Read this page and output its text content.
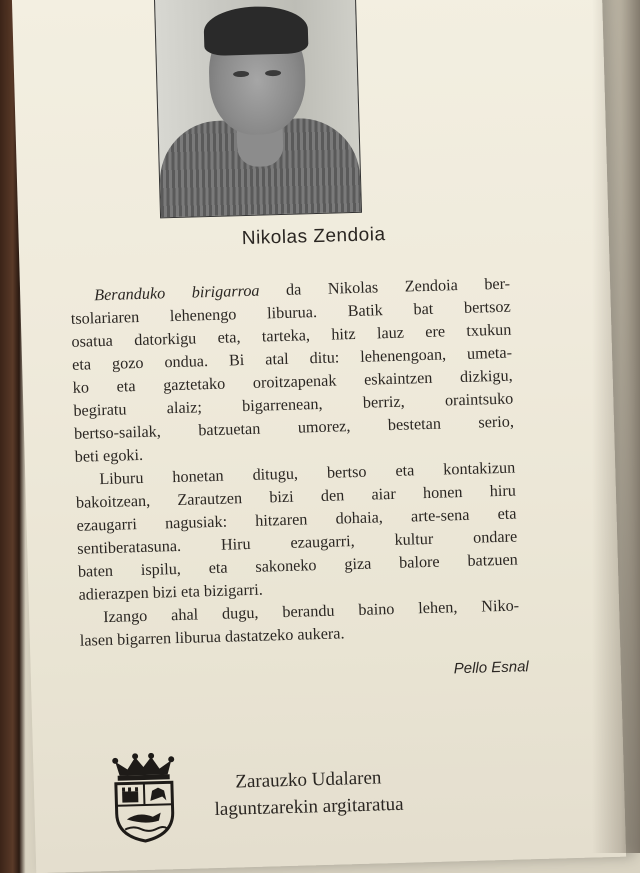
Nikolas Zendoia

Beranduko birigarroa da Nikolas Zendoia ber-
tsolariaren lehenengo liburua. Batik bat bertsoz
osatua datorkigu eta, tarteka, hitz lauz ere txukun
eta gozo ondua. Bi atal ditu: lehenengoan, umeta-
ko eta gaztetako oroitzapenak eskaintzen dizkigu,
begiratu alaiz; bigarrenean, berriz, oraintsuko
bertso-sailak, batzuetan umorez, bestetan serio,
beti egoki.

Liburu honetan ditugu, bertso eta kontakizun
bakoitzean, Zarautzen bizi den aiar honen hiru
ezaugarri nagusiak: hitzaren dohaia, arte-sena eta
sentiberatasuna. Hiru ezaugarri, kultur ondare
baten ispilu, eta sakoneko giza balore batzuen
adierazpen bizi eta bizigarri.

Izango ahal dugu, berandu baino lehen, Niko-
lasen bigarren liburua dastatzeko aukera.

Pello Esnal
Zarauzko Udalaren
laguntzarekin argitaratua
